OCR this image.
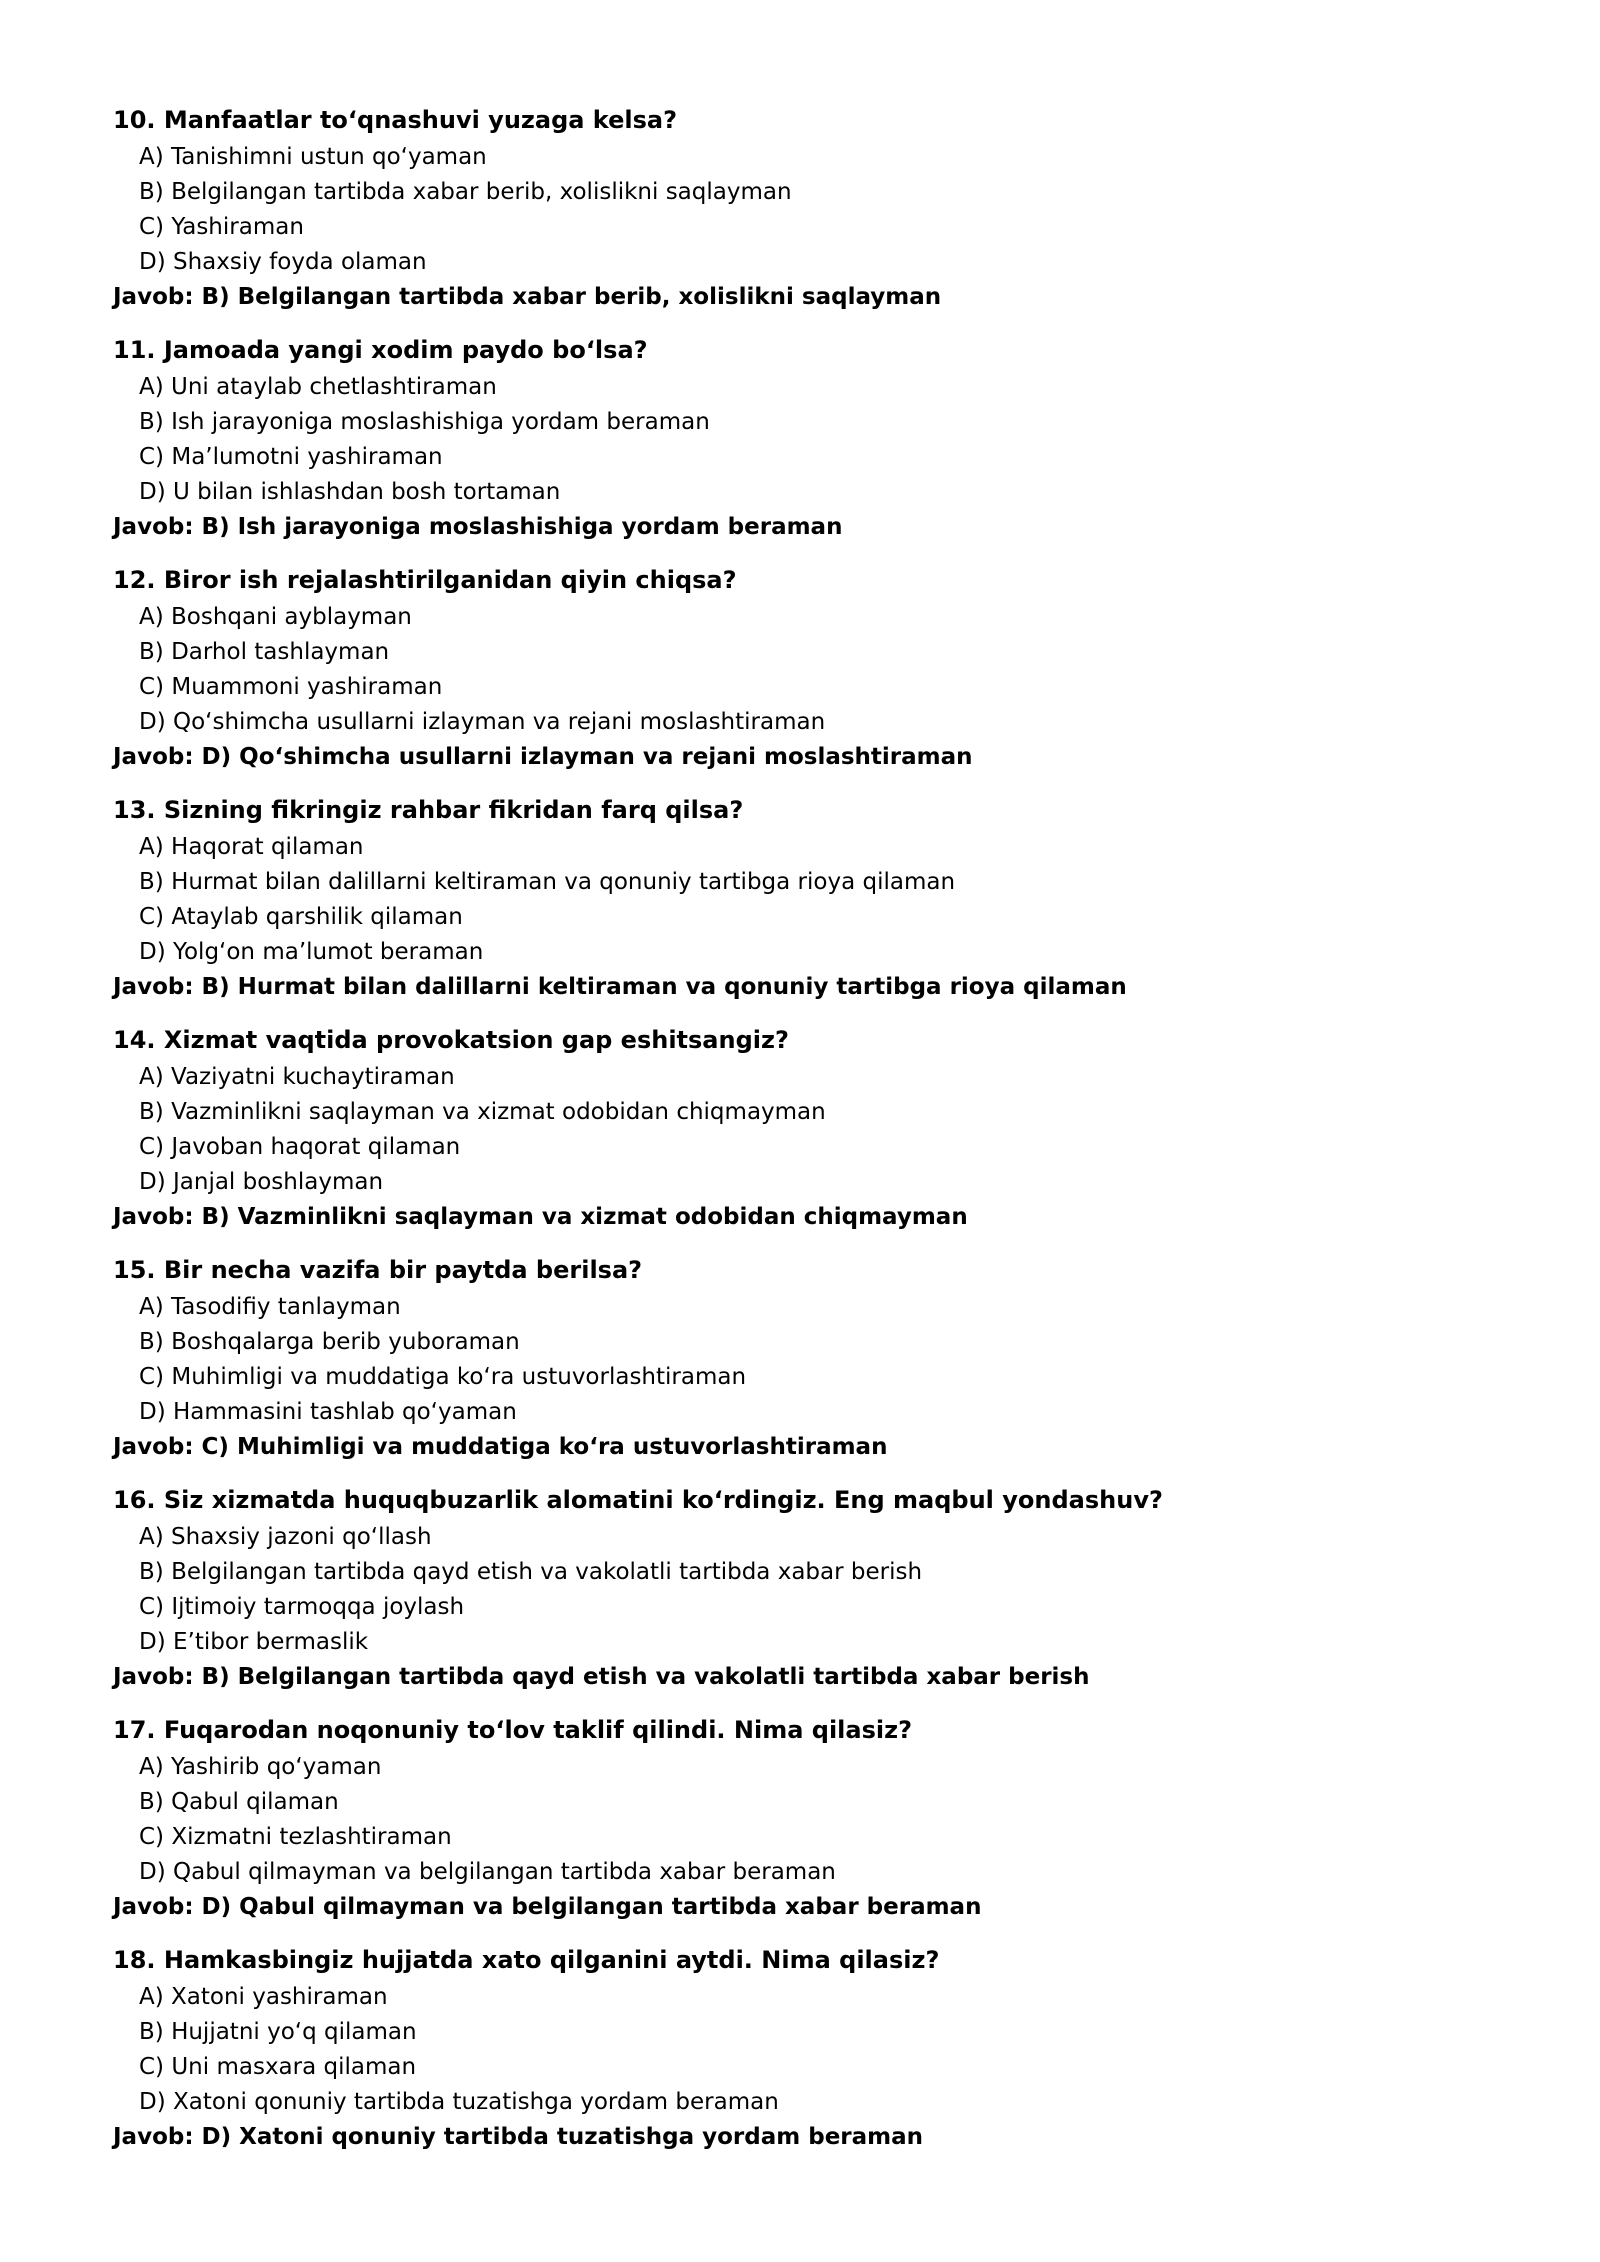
10. Manfaatlar to‘qnashuvi yuzaga kelsa?
A) Tanishimni ustun qo‘yaman
B) Belgilangan tartibda xabar berib, xolislikni saqlayman
C) Yashiraman
D) Shaxsiy foyda olaman
Javob: B) Belgilangan tartibda xabar berib, xolislikni saqlayman
11. Jamoada yangi xodim paydo bo‘lsa?
A) Uni ataylab chetlashtiraman
B) Ish jarayoniga moslashishiga yordam beraman
C) Ma’lumotni yashiraman
D) U bilan ishlashdan bosh tortaman
Javob: B) Ish jarayoniga moslashishiga yordam beraman
12. Biror ish rejalashtirilganidan qiyin chiqsa?
A) Boshqani ayblayman
B) Darhol tashlayman
C) Muammoni yashiraman
D) Qo‘shimcha usullarni izlayman va rejani moslashtiraman
Javob: D) Qo‘shimcha usullarni izlayman va rejani moslashtiraman
13. Sizning fikringiz rahbar fikridan farq qilsa?
A) Haqorat qilaman
B) Hurmat bilan dalillarni keltiraman va qonuniy tartibga rioya qilaman
C) Ataylab qarshilik qilaman
D) Yolg‘on ma’lumot beraman
Javob: B) Hurmat bilan dalillarni keltiraman va qonuniy tartibga rioya qilaman
14. Xizmat vaqtida provokatsion gap eshitsangiz?
A) Vaziyatni kuchaytiraman
B) Vazminlikni saqlayman va xizmat odobidan chiqmayman
C) Javoban haqorat qilaman
D) Janjal boshlayman
Javob: B) Vazminlikni saqlayman va xizmat odobidan chiqmayman
15. Bir necha vazifa bir paytda berilsa?
A) Tasodifiy tanlayman
B) Boshqalarga berib yuboraman
C) Muhimligi va muddatiga ko‘ra ustuvorlashtiraman
D) Hammasini tashlab qo‘yaman
Javob: C) Muhimligi va muddatiga ko‘ra ustuvorlashtiraman
16. Siz xizmatda huquqbuzarlik alomatini ko‘rdingiz. Eng maqbul yondashuv?
A) Shaxsiy jazoni qo‘llash
B) Belgilangan tartibda qayd etish va vakolatli tartibda xabar berish
C) Ijtimoiy tarmoqqa joylash
D) E’tibor bermaslik
Javob: B) Belgilangan tartibda qayd etish va vakolatli tartibda xabar berish
17. Fuqarodan noqonuniy to‘lov taklif qilindi. Nima qilasiz?
A) Yashirib qo‘yaman
B) Qabul qilaman
C) Xizmatni tezlashtiraman
D) Qabul qilmayman va belgilangan tartibda xabar beraman
Javob: D) Qabul qilmayman va belgilangan tartibda xabar beraman
18. Hamkasbingiz hujjatda xato qilganini aytdi. Nima qilasiz?
A) Xatoni yashiraman
B) Hujjatni yo‘q qilaman
C) Uni masxara qilaman
D) Xatoni qonuniy tartibda tuzatishga yordam beraman
Javob: D) Xatoni qonuniy tartibda tuzatishga yordam beraman
